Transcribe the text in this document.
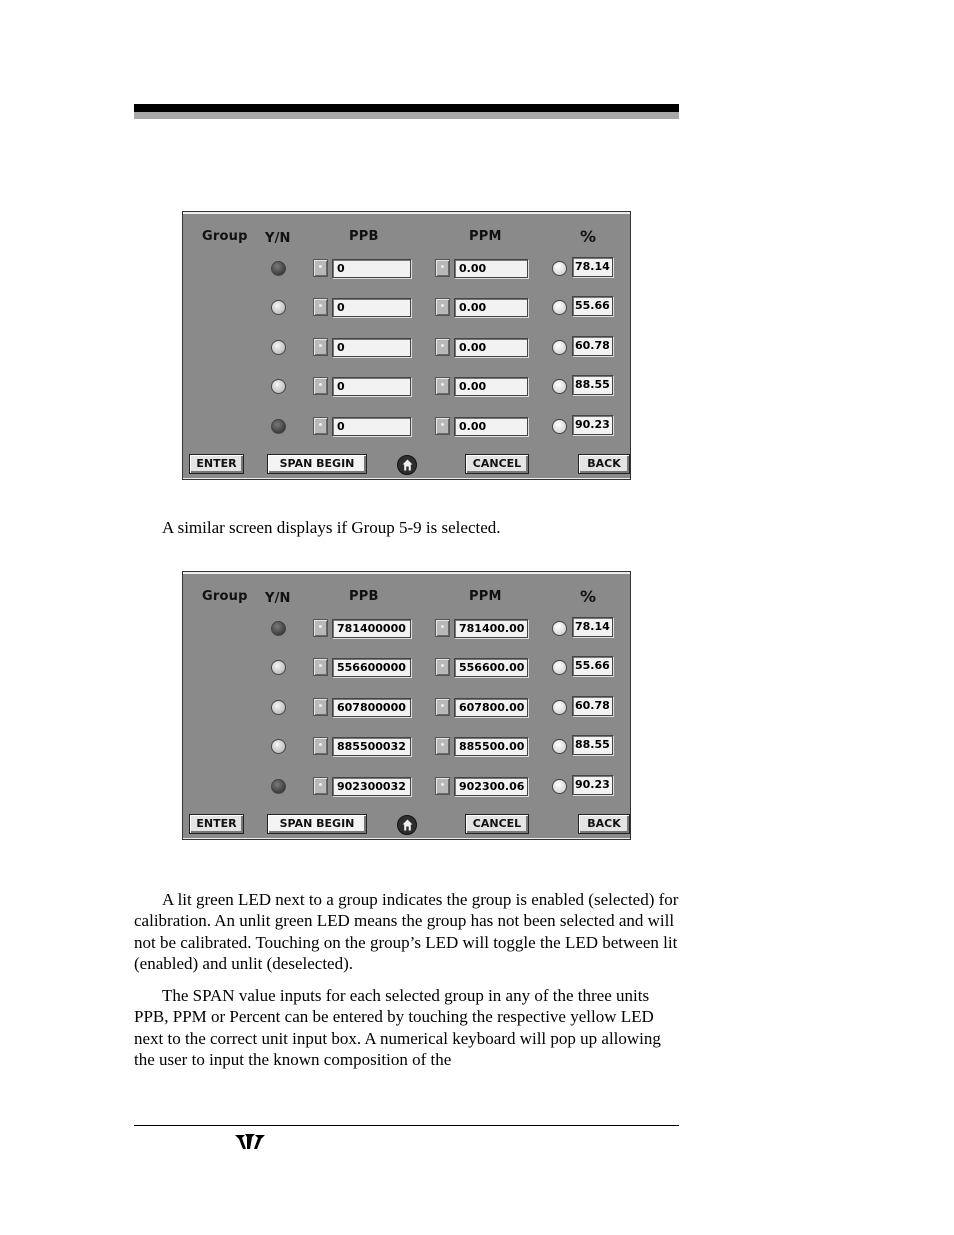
Group Y/N	PPB	PPM	%
0	0.00	78.14
0	0.00	55.66
0	0.00	60.78
0	0.00	88.55
0	0.00	90.23
ENTER	SPAN BEGIN	CANCEL	BACK
A similar screen displays if Group 5-9 is selected.
Group Y/N	PPB	PPM	%
781400000	781400.00	78.14
556600000	556600.00	55.66
607800000	607800.00	60.78
885500032	885500.00	88.55
902300032	902300.06	90.23
ENTER	SPAN BEGIN	CANCEL	BACK

A lit green LED next to a group indicates the group is enabled (selected) for calibration. An unlit green LED means the group has not been selected and will not be calibrated. Touching on the group’s LED will toggle the LED between lit (enabled) and unlit (deselected).

The SPAN value inputs for each selected group in any of the three units PPB, PPM or Percent can be entered by touching the respective yellow LED next to the correct unit input box. A numerical keyboard will pop up allowing the user to input the known composition of the
